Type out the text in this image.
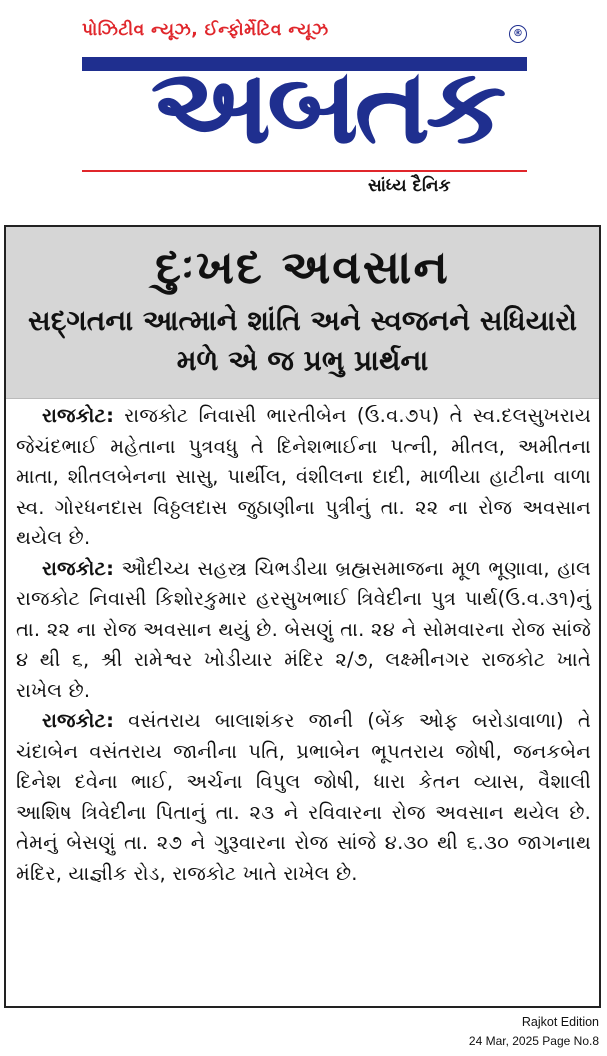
પોઝિટીવ ન્યૂઝ, ઈન્ફોર્મેટિવ ન્યૂઝ	®
અબતક
સાંધ્ય દૈનિક
દુઃખદ અવસાન
સદ્ગતના આત્માને શાંતિ અને સ્વજનને સધિયારો મળે એ જ પ્રભુ પ્રાર્થના

રાજકોટ: રાજકોટ નિવાસી ભારતીબેન (ઉ.વ.૭૫) તે સ્વ.દલસુખરાય જેચંદભાઈ મહેતાના પુત્રવધુ તે દિનેશભાઈના પત્ની, મીતલ, અમીતના માતા, શીતલબેનના સાસુ, પાર્થીલ, વંશીલના દાદી, માળીયા હાટીના વાળા સ્વ. ગોરધનદાસ વિઠ્ઠલદાસ જુઠાણીના પુત્રીનું તા. ૨૨ ના રોજ અવસાન થયેલ છે.

રાજકોટ: ઔદીચ્ય સહસ્ત્ર ચિભડીયા બ્રહ્મસમાજના મૂળ ભૂણાવા, હાલ રાજકોટ નિવાસી કિશોરકુમાર હરસુખભાઈ ત્રિવેદીના પુત્ર પાર્થ(ઉ.વ.૩૧)નું તા. ૨૨ ના રોજ અવસાન થયું છે. બેસણું તા. ૨૪ ને સોમવારના રોજ સાંજે ૪ થી ૬, શ્રી રામેશ્વર ખોડીયાર મંદિર ૨/૭, લક્ષ્મીનગર રાજકોટ ખાતે રાખેલ છે.

રાજકોટ: વસંતરાય બાલાશંકર જાની (બેંક ઓફ બરોડાવાળા) તે ચંદાબેન વસંતરાય જાનીના પતિ, પ્રભાબેન ભૂપતરાય જોષી, જનકબેન દિનેશ દવેના ભાઈ, અર્ચના વિપુલ જોષી, ધારા કેતન વ્યાસ, વૈશાલી આશિષ ત્રિવેદીના પિતાનું તા. ૨૩ ને રવિવારના રોજ અવસાન થયેલ છે. તેમનું બેસણું તા. ૨૭ ને ગુરૂવારના રોજ સાંજે ૪.૩૦ થી ૬.૩૦ જાગનાથ મંદિર, યાજ્ઞીક રોડ, રાજકોટ ખાતે રાખેલ છે.

Rajkot Edition
24 Mar, 2025 Page No.8
